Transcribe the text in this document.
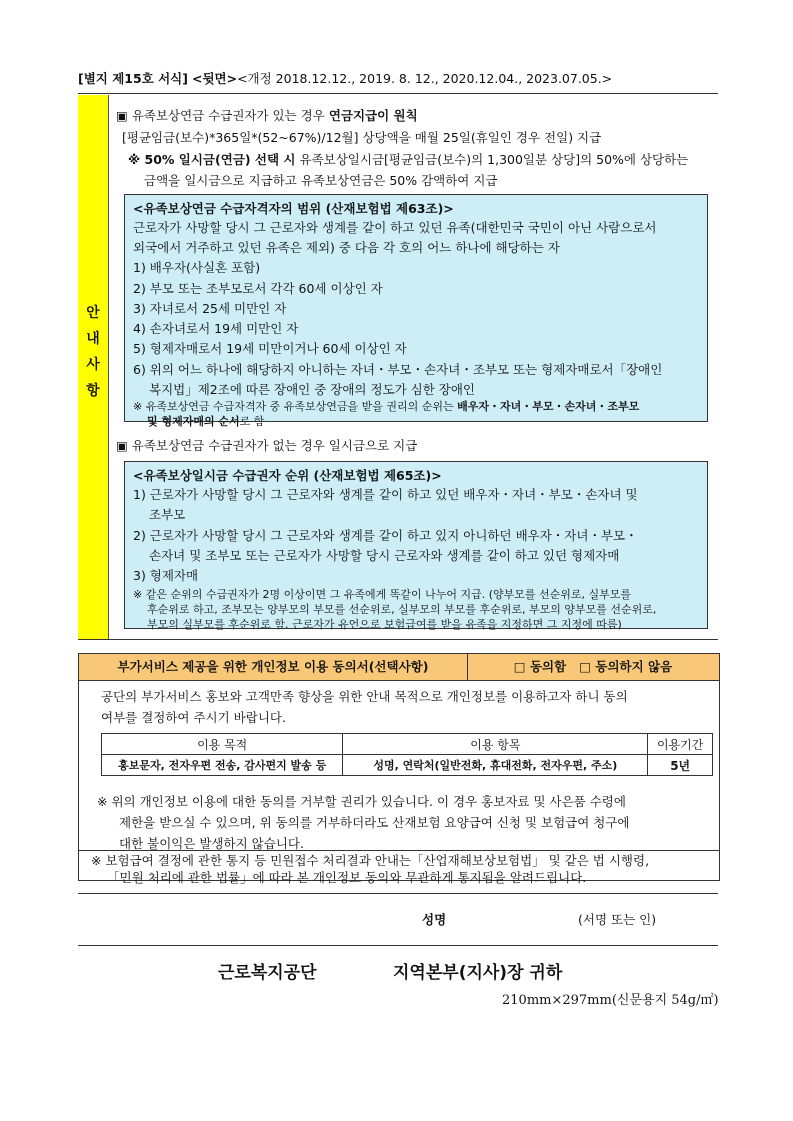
[별지 제15호 서식] <뒷면><개정 2018.12.12., 2019. 8. 12., 2020.12.04., 2023.07.05.>
안
내
사
항
▣ 유족보상연금 수급권자가 있는 경우 연금지급이 원칙
[평균임금(보수)*365일*(52~67%)/12월] 상당액을 매월 25일(휴일인 경우 전일) 지급
※ 50% 일시금(연금) 선택 시 유족보상일시금[평균임금(보수)의 1,300일분 상당]의 50%에 상당하는
금액을 일시금으로 지급하고 유족보상연금은 50% 감액하여 지급
<유족보상연금 수급자격자의 범위 (산재보험법 제63조)>
근로자가 사망할 당시 그 근로자와 생계를 같이 하고 있던 유족(대한민국 국민이 아닌 사람으로서
외국에서 거주하고 있던 유족은 제외) 중 다음 각 호의 어느 하나에 해당하는 자
1) 배우자(사실혼 포함)
2) 부모 또는 조부모로서 각각 60세 이상인 자
3) 자녀로서 25세 미만인 자
4) 손자녀로서 19세 미만인 자
5) 형제자매로서 19세 미만이거나 60세 이상인 자
6) 위의 어느 하나에 해당하지 아니하는 자녀・부모・손자녀・조부모 또는 형제자매로서「장애인
복지법」제2조에 따른 장애인 중 장애의 정도가 심한 장애인
※ 유족보상연금 수급자격자 중 유족보상연금을 받을 권리의 순위는 배우자・자녀・부모・손자녀・조부모
및 형제자매의 순서로 함
▣ 유족보상연금 수급권자가 없는 경우 일시금으로 지급
<유족보상일시금 수급권자 순위 (산재보험법 제65조)>
1) 근로자가 사망할 당시 그 근로자와 생계를 같이 하고 있던 배우자・자녀・부모・손자녀 및
조부모
2) 근로자가 사망할 당시 그 근로자와 생계를 같이 하고 있지 아니하던 배우자・자녀・부모・
손자녀 및 조부모 또는 근로자가 사망할 당시 근로자와 생계를 같이 하고 있던 형제자매
3) 형제자매
※ 같은 순위의 수급권자가 2명 이상이면 그 유족에게 똑같이 나누어 지급. (양부모를 선순위로, 실부모를
후순위로 하고, 조부모는 양부모의 부모를 선순위로, 실부모의 부모를 후순위로, 부모의 양부모를 선순위로,
부모의 실부모를 후순위로 함. 근로자가 유언으로 보험급여를 받을 유족을 지정하면 그 지정에 따름)
부가서비스 제공을 위한 개인정보 이용 동의서(선택사항)	□ 동의함 □ 동의하지 않음
공단의 부가서비스 홍보와 고객만족 향상을 위한 안내 목적으로 개인정보를 이용하고자 하니 동의
여부를 결정하여 주시기 바랍니다.
이용 목적	이용 항목	이용기간
홍보문자, 전자우편 전송, 감사편지 발송 등	성명, 연락처(일반전화, 휴대전화, 전자우편, 주소)	5년
※ 위의 개인정보 이용에 대한 동의를 거부할 권리가 있습니다. 이 경우 홍보자료 및 사은품 수령에
제한을 받으실 수 있으며, 위 동의를 거부하더라도 산재보험 요양급여 신청 및 보험급여 청구에
대한 불이익은 발생하지 않습니다.
※ 보험급여 결정에 관한 통지 등 민원접수 처리결과 안내는「산업재해보상보험법」 및 같은 법 시행령,
「민원 처리에 관한 법률」에 따라 본 개인정보 동의와 무관하게 통지됨을 알려드립니다.
성명	(서명 또는 인)
근로복지공단	지역본부(지사)장 귀하
210mm×297mm(신문용지 54g/㎡)
